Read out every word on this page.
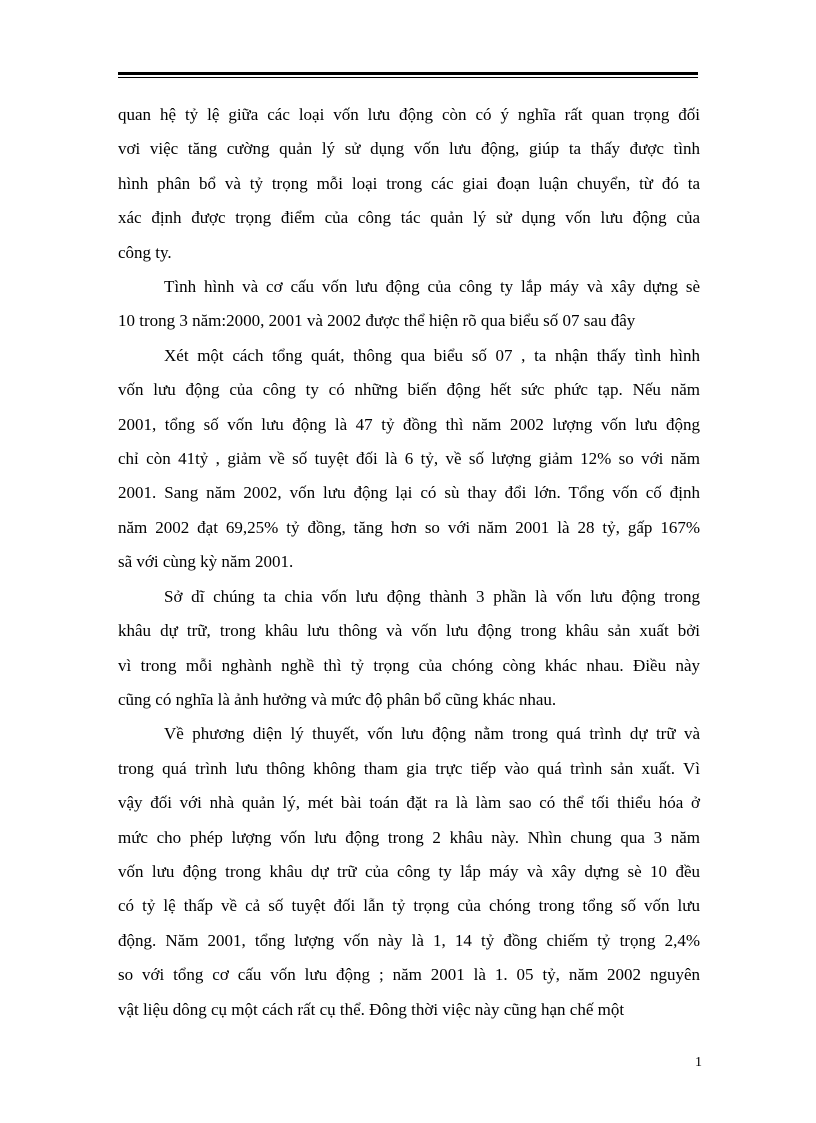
quan hệ tỷ lệ giữa các loại vốn lưu động còn có ý nghĩa rất quan trọng đối
vơi việc tăng cường quản lý sử dụng vốn lưu động, giúp ta thấy được tình
hình phân bổ và tỷ trọng mỗi loại trong các giai đoạn luận chuyển, từ đó ta
xác định được trọng điểm của công tác quản lý sử dụng vốn lưu động của
công ty.

Tình hình và cơ cấu vốn lưu động của công ty lắp máy và xây dựng sè
10 trong 3 năm:2000, 2001 và 2002 được thể hiện rõ qua biểu số 07 sau đây

Xét một cách tổng quát, thông qua biểu số 07 , ta nhận thấy tình hình
vốn lưu động của công ty có những biến động hết sức phức tạp. Nếu năm
2001, tổng số vốn lưu động là 47 tỷ đồng thì năm 2002 lượng vốn lưu động
chỉ còn 41tỷ , giảm về số tuyệt đối là 6 tỷ, về số lượng giảm 12% so với năm
2001. Sang năm 2002, vốn lưu động lại có sù thay đổi lớn. Tổng vốn cố định
năm 2002 đạt 69,25% tỷ đồng, tăng hơn so với năm 2001 là 28 tỷ, gấp 167%
sã với cùng kỳ năm 2001.

Sở dĩ chúng ta chia vốn lưu động thành 3 phần là vốn lưu động trong
khâu dự trữ, trong khâu lưu thông và vốn lưu động trong khâu sản xuất bởi
vì trong mỗi nghành nghề thì tỷ trọng của chóng còng khác nhau. Điều này
cũng có nghĩa là ảnh hưởng và mức độ phân bổ cũng khác nhau.

Về phương diện lý thuyết, vốn lưu động nằm trong quá trình dự trữ và
trong quá trình lưu thông không tham gia trực tiếp vào quá trình sản xuất. Vì
vậy đối với nhà quản lý, mét bài toán đặt ra là làm sao có thể tối thiểu hóa ở
mức cho phép lượng vốn lưu động trong 2 khâu này. Nhìn chung qua 3 năm
vốn lưu động trong khâu dự trữ của công ty lắp máy và xây dựng sè 10 đều
có tỷ lệ thấp về cả số tuyệt đối lẫn tỷ trọng của chóng trong tổng số vốn lưu
động. Năm 2001, tổng lượng vốn này là 1, 14 tỷ đồng chiếm tỷ trọng 2,4%
so với tổng cơ cấu vốn lưu động ; năm 2001 là 1. 05 tỷ, năm 2002 nguyên
vật liệu dông cụ một cách rất cụ thể. Đông thời việc này cũng hạn chế một

1
